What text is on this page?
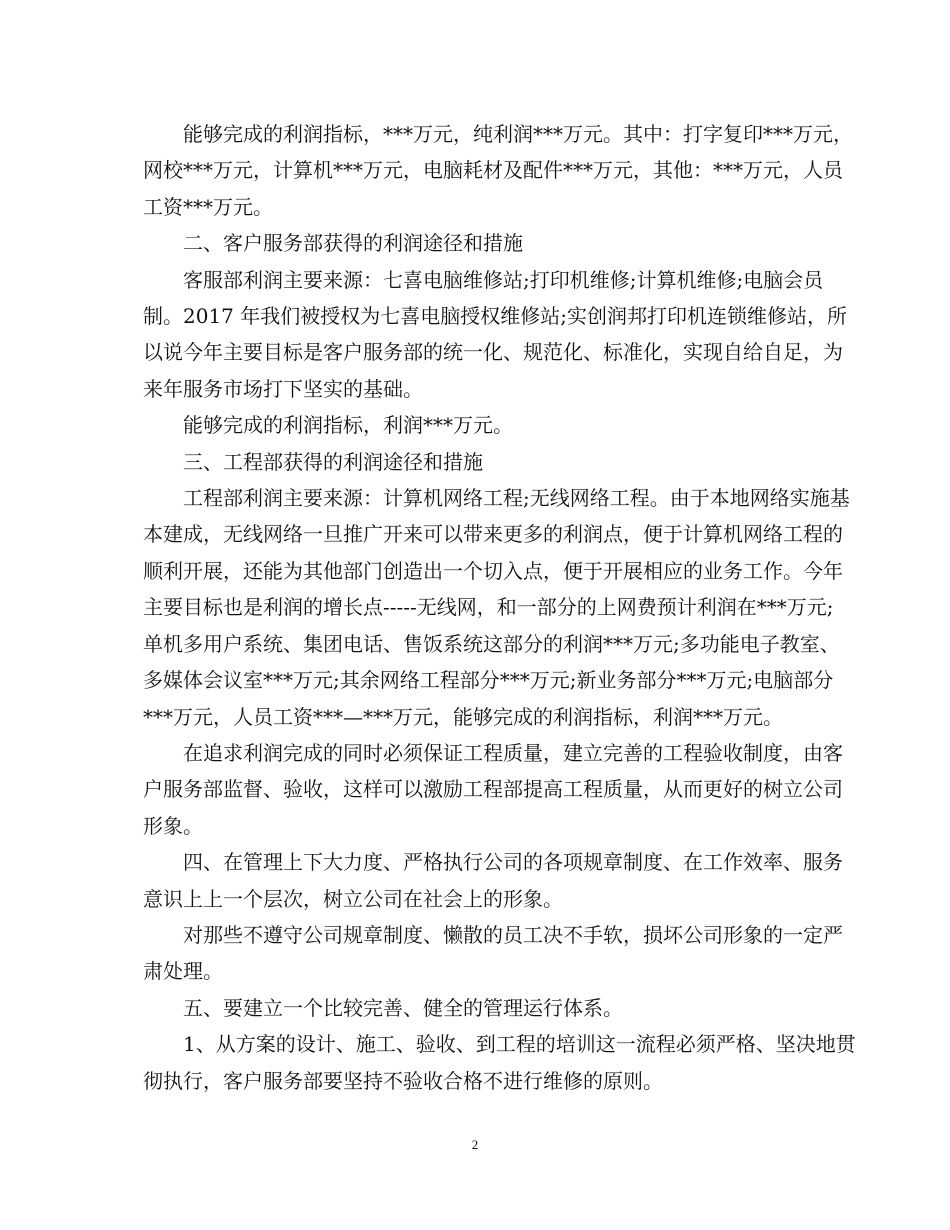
能够完成的利润指标，***万元，纯利润***万元。其中：打字复印***万元，
网校***万元，计算机***万元，电脑耗材及配件***万元，其他：***万元，人员
工资***万元。

二、客户服务部获得的利润途径和措施

客服部利润主要来源：七喜电脑维修站;打印机维修;计算机维修;电脑会员
制。2017 年我们被授权为七喜电脑授权维修站;实创润邦打印机连锁维修站，所
以说今年主要目标是客户服务部的统一化、规范化、标准化，实现自给自足，为
来年服务市场打下坚实的基础。

能够完成的利润指标，利润***万元。

三、工程部获得的利润途径和措施

工程部利润主要来源：计算机网络工程;无线网络工程。由于本地网络实施基
本建成，无线网络一旦推广开来可以带来更多的利润点，便于计算机网络工程的
顺利开展，还能为其他部门创造出一个切入点，便于开展相应的业务工作。今年
主要目标也是利润的增长点-----无线网，和一部分的上网费预计利润在***万元;
单机多用户系统、集团电话、售饭系统这部分的利润***万元;多功能电子教室、
多媒体会议室***万元;其余网络工程部分***万元;新业务部分***万元;电脑部分
***万元，人员工资***—***万元，能够完成的利润指标，利润***万元。

在追求利润完成的同时必须保证工程质量，建立完善的工程验收制度，由客
户服务部监督、验收，这样可以激励工程部提高工程质量，从而更好的树立公司
形象。

四、在管理上下大力度、严格执行公司的各项规章制度、在工作效率、服务
意识上上一个层次，树立公司在社会上的形象。

对那些不遵守公司规章制度、懒散的员工决不手软，损坏公司形象的一定严
肃处理。

五、要建立一个比较完善、健全的管理运行体系。

1、从方案的设计、施工、验收、到工程的培训这一流程必须严格、坚决地贯
彻执行，客户服务部要坚持不验收合格不进行维修的原则。

2
